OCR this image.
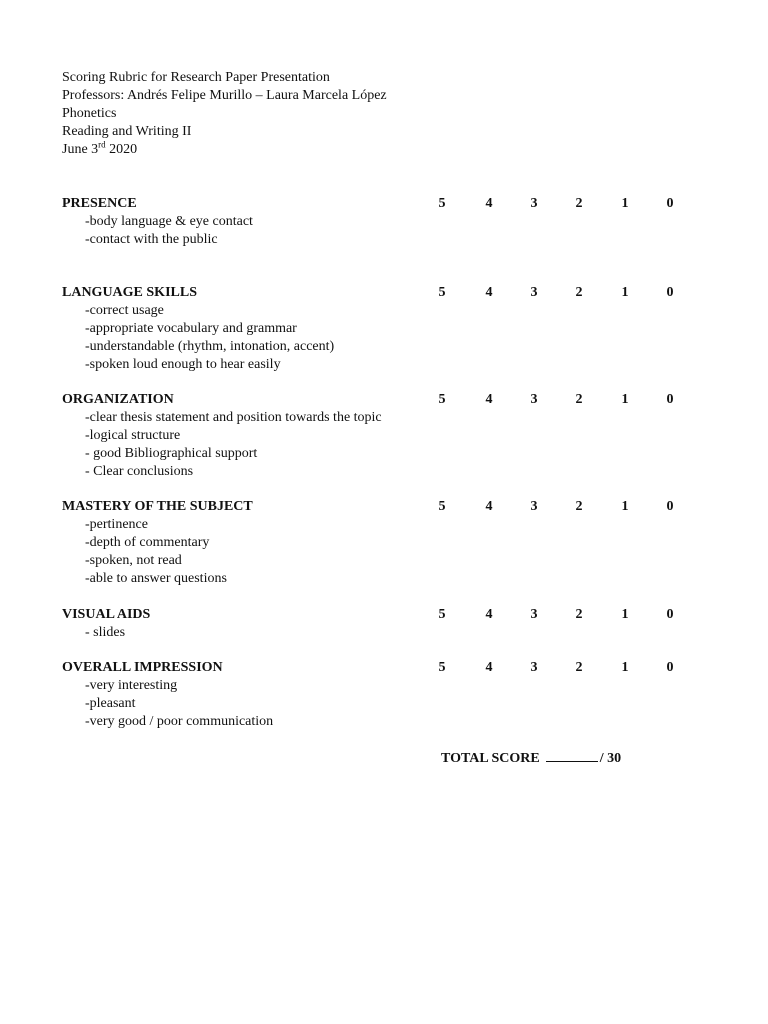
Scoring Rubric for Research Paper Presentation
Professors: Andrés Felipe Murillo – Laura Marcela López
Phonetics
Reading and Writing II
June 3rd 2020
PRESENCE	5	4	3	2	1	0
-body language & eye contact
-contact with the public
LANGUAGE SKILLS	5	4	3	2	1	0
-correct usage
-appropriate vocabulary and grammar
-understandable (rhythm, intonation, accent)
-spoken loud enough to hear easily
ORGANIZATION	5	4	3	2	1	0
-clear thesis statement and position towards the topic
-logical structure
- good Bibliographical support
- Clear conclusions
MASTERY OF THE SUBJECT	5	4	3	2	1	0
-pertinence
-depth of commentary
-spoken, not read
-able to answer questions
VISUAL AIDS	5	4	3	2	1	0
- slides
OVERALL IMPRESSION	5	4	3	2	1	0
-very interesting
-pleasant
-very good / poor communication
TOTAL SCORE	/ 30
